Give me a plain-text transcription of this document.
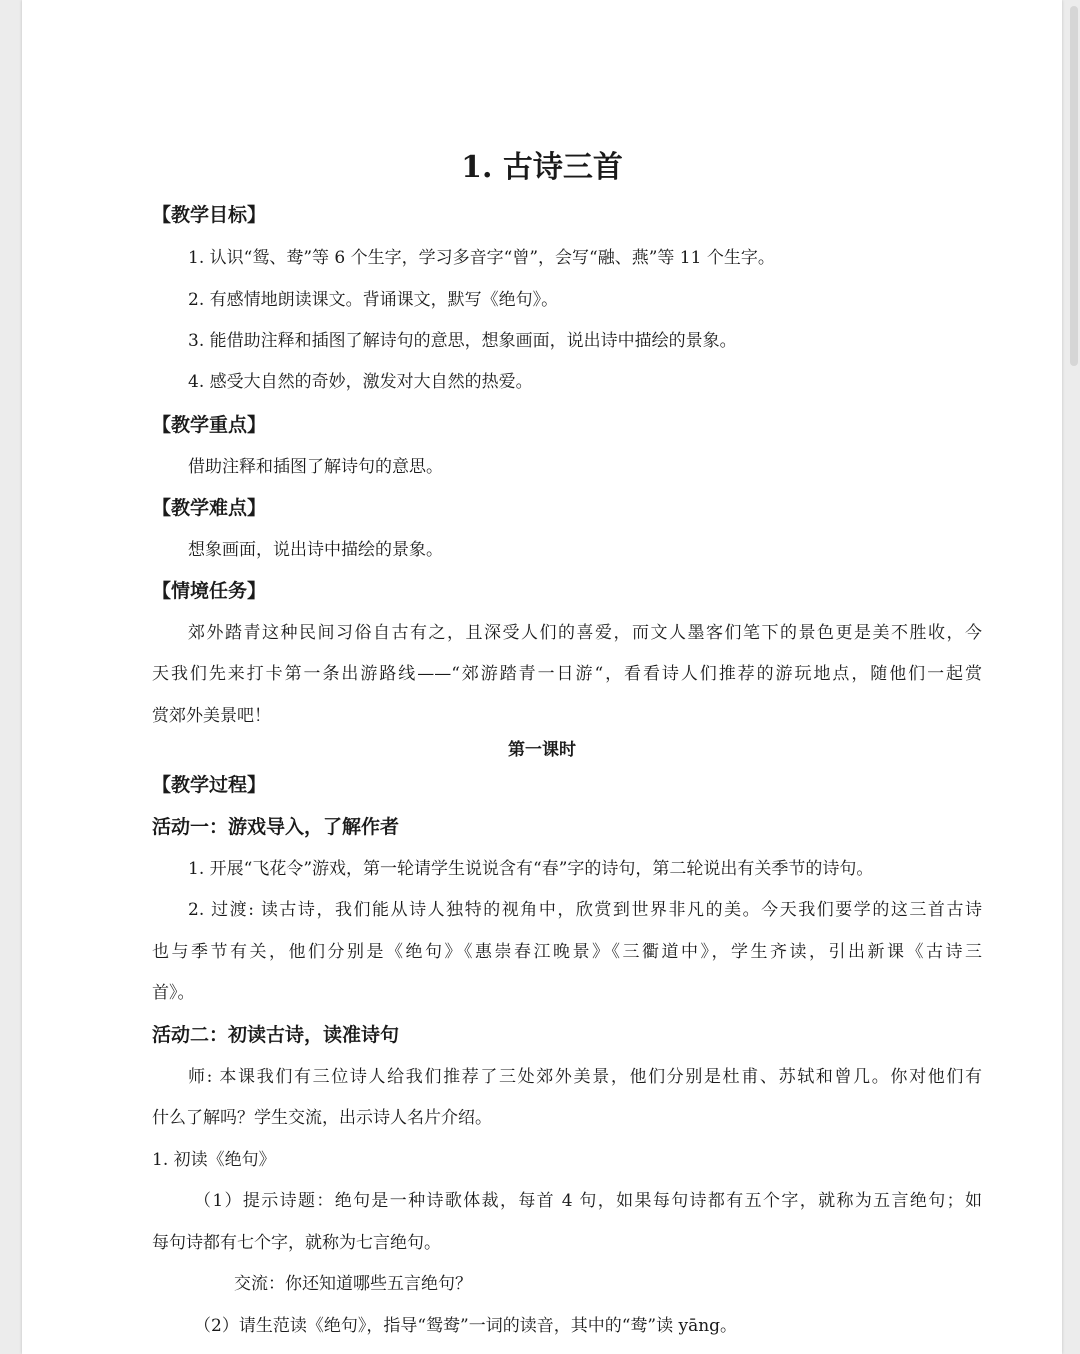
1. 古诗三首
【教学目标】
1. 认识“鸳、鸯”等 6 个生字，学习多音字“曾”，会写“融、燕”等 11 个生字。
2. 有感情地朗读课文。背诵课文，默写《绝句》。
3. 能借助注释和插图了解诗句的意思，想象画面，说出诗中描绘的景象。
4. 感受大自然的奇妙，激发对大自然的热爱。
【教学重点】
借助注释和插图了解诗句的意思。
【教学难点】
想象画面，说出诗中描绘的景象。
【情境任务】
郊外踏青这种民间习俗自古有之，且深受人们的喜爱，而文人墨客们笔下的景色更是美不胜收，今
天我们先来打卡第一条出游路线——“郊游踏青一日游“，看看诗人们推荐的游玩地点，随他们一起赏
赏郊外美景吧！
第一课时
【教学过程】
活动一：游戏导入，了解作者
1. 开展“飞花令”游戏，第一轮请学生说说含有“春”字的诗句，第二轮说出有关季节的诗句。
2. 过渡: 读古诗，我们能从诗人独特的视角中，欣赏到世界非凡的美。今天我们要学的这三首古诗
也与季节有关，他们分别是《绝句》《惠崇春江晚景》《三衢道中》，学生齐读，引出新课《古诗三
首》。
活动二：初读古诗，读准诗句
师: 本课我们有三位诗人给我们推荐了三处郊外美景，他们分别是杜甫、苏轼和曾几。你对他们有
什么了解吗？学生交流，出示诗人名片介绍。
1. 初读《绝句》
（1）提示诗题：绝句是一种诗歌体裁，每首 4 句，如果每句诗都有五个字，就称为五言绝句；如
每句诗都有七个字，就称为七言绝句。
交流：你还知道哪些五言绝句？
（2）请生范读《绝句》，指导“鸳鸯”一词的读音，其中的“鸯”读 yāng。
